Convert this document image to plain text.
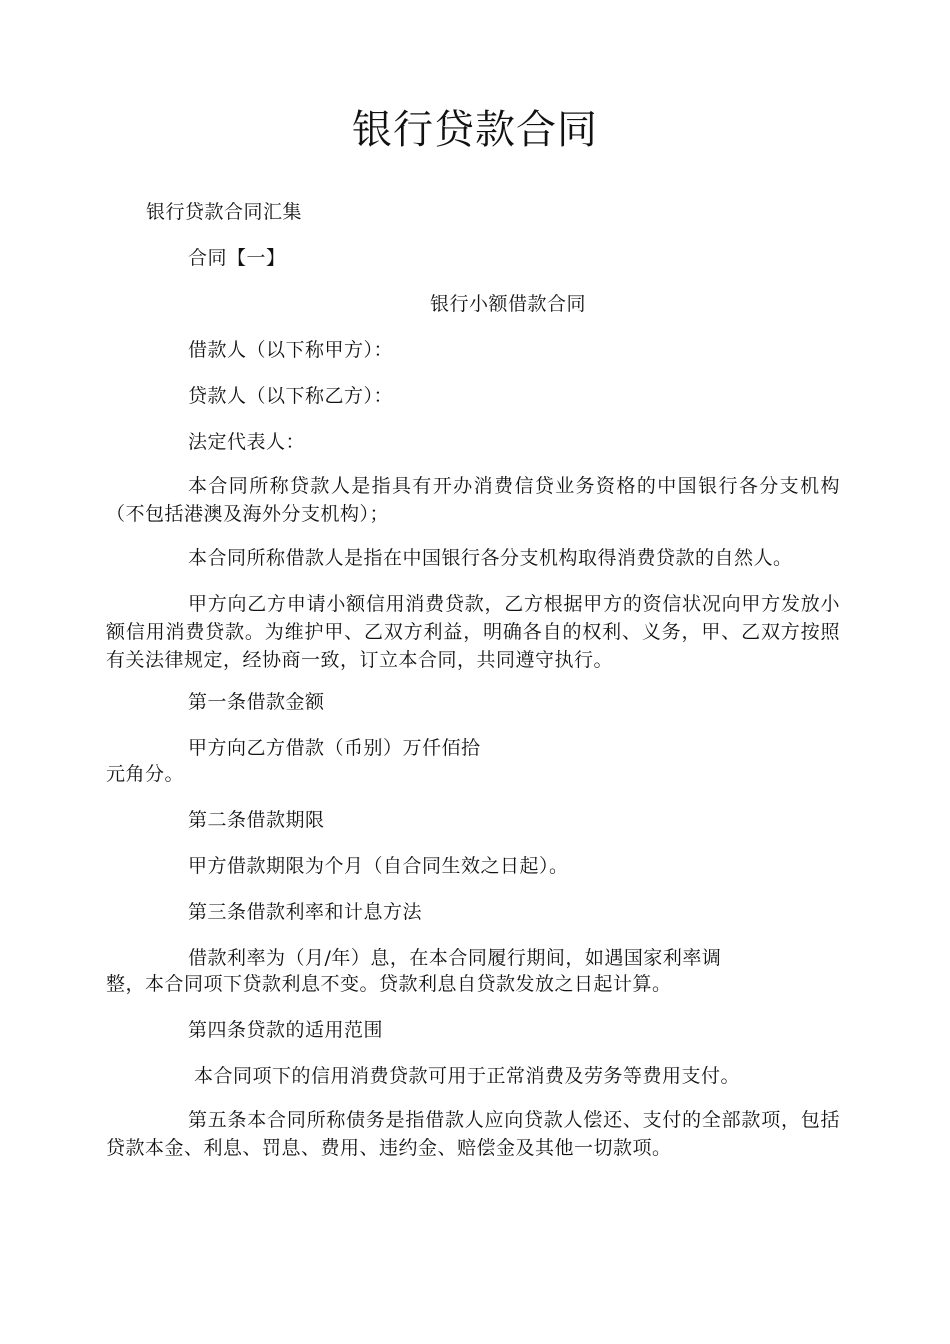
银行贷款合同
银行贷款合同汇集
合同【一】
银行小额借款合同
借款人（以下称甲方）：
贷款人（以下称乙方）：
法定代表人：
本合同所称贷款人是指具有开办消费信贷业务资格的中国银行各分支机构（不包括港澳及海外分支机构）；
本合同所称借款人是指在中国银行各分支机构取得消费贷款的自然人。
甲方向乙方申请小额信用消费贷款，乙方根据甲方的资信状况向甲方发放小额信用消费贷款。为维护甲、乙双方利益，明确各自的权利、义务，甲、乙双方按照有关法律规定，经协商一致，订立本合同，共同遵守执行。
第一条借款金额
甲方向乙方借款（币别）万仟佰拾
元角分。
第二条借款期限
甲方借款期限为个月（自合同生效之日起）。
第三条借款利率和计息方法
借款利率为（月/年）息，在本合同履行期间，如遇国家利率调
整，本合同项下贷款利息不变。贷款利息自贷款发放之日起计算。
第四条贷款的适用范围
本合同项下的信用消费贷款可用于正常消费及劳务等费用支付。
第五条本合同所称债务是指借款人应向贷款人偿还、支付的全部款项，包括贷款本金、利息、罚息、费用、违约金、赔偿金及其他一切款项。
